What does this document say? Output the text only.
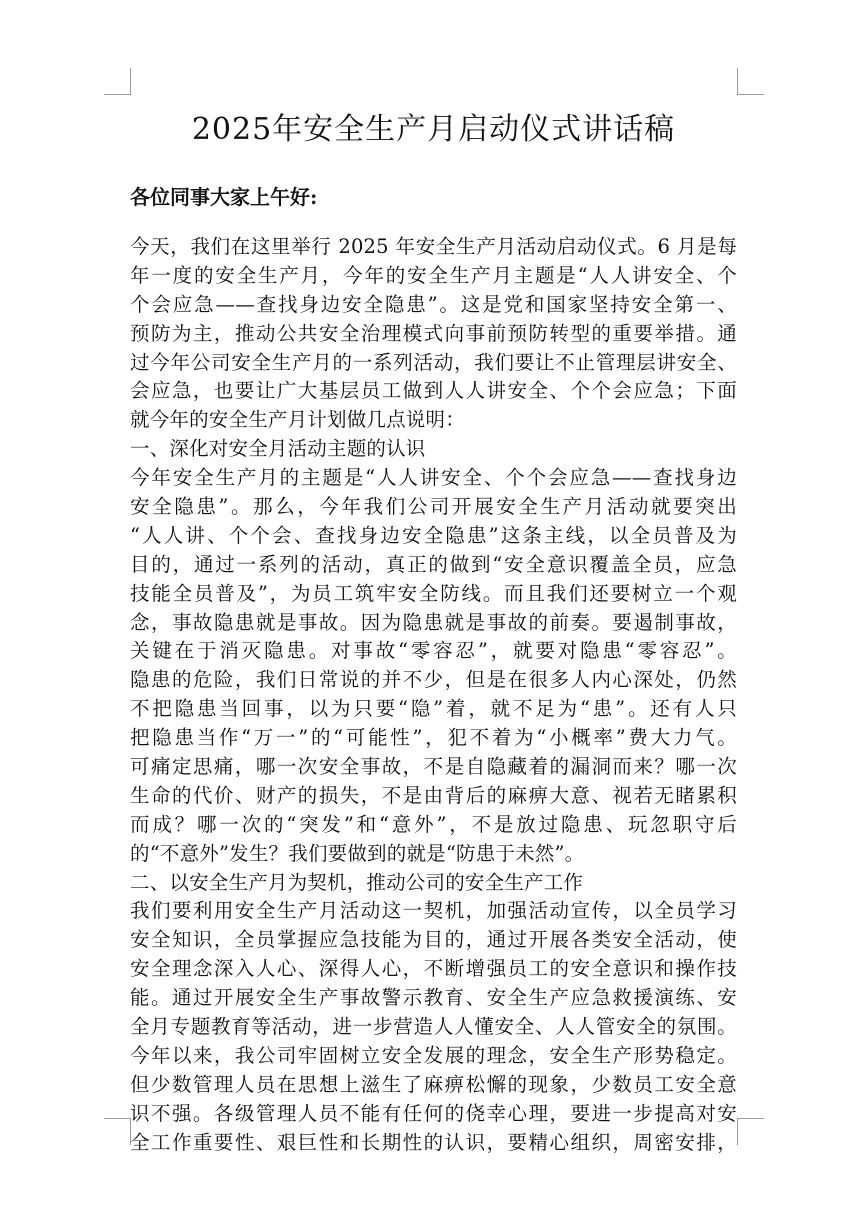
2025年安全生产月启动仪式讲话稿
各位同事大家上午好:
今天，我们在这里举行 2025 年安全生产月活动启动仪式。6 月是每
年一度的安全生产月，今年的安全生产月主题是“人人讲安全、个
个会应急——查找身边安全隐患”。这是党和国家坚持安全第一、
预防为主，推动公共安全治理模式向事前预防转型的重要举措。通
过今年公司安全生产月的一系列活动，我们要让不止管理层讲安全、
会应急，也要让广大基层员工做到人人讲安全、个个会应急；下面
就今年的安全生产月计划做几点说明：
一、深化对安全月活动主题的认识
今年安全生产月的主题是“人人讲安全、个个会应急——查找身边
安全隐患”。那么，今年我们公司开展安全生产月活动就要突出
“人人讲、个个会、查找身边安全隐患”这条主线，以全员普及为
目的，通过一系列的活动，真正的做到“安全意识覆盖全员，应急
技能全员普及”，为员工筑牢安全防线。而且我们还要树立一个观
念，事故隐患就是事故。因为隐患就是事故的前奏。要遏制事故，
关键在于消灭隐患。对事故“零容忍”，就要对隐患“零容忍”。
隐患的危险，我们日常说的并不少，但是在很多人内心深处，仍然
不把隐患当回事，以为只要“隐”着，就不足为“患”。还有人只
把隐患当作“万一”的“可能性”，犯不着为“小概率”费大力气。
可痛定思痛，哪一次安全事故，不是自隐藏着的漏洞而来？哪一次
生命的代价、财产的损失，不是由背后的麻痹大意、视若无睹累积
而成？哪一次的“突发”和“意外”，不是放过隐患、玩忽职守后
的“不意外”发生？我们要做到的就是“防患于未然”。
二、以安全生产月为契机，推动公司的安全生产工作
我们要利用安全生产月活动这一契机，加强活动宣传，以全员学习
安全知识，全员掌握应急技能为目的，通过开展各类安全活动，使
安全理念深入人心、深得人心，不断增强员工的安全意识和操作技
能。通过开展安全生产事故警示教育、安全生产应急救援演练、安
全月专题教育等活动，进一步营造人人懂安全、人人管安全的氛围。
今年以来，我公司牢固树立安全发展的理念，安全生产形势稳定。
但少数管理人员在思想上滋生了麻痹松懈的现象，少数员工安全意
识不强。各级管理人员不能有任何的侥幸心理，要进一步提高对安
全工作重要性、艰巨性和长期性的认识，要精心组织，周密安排，
